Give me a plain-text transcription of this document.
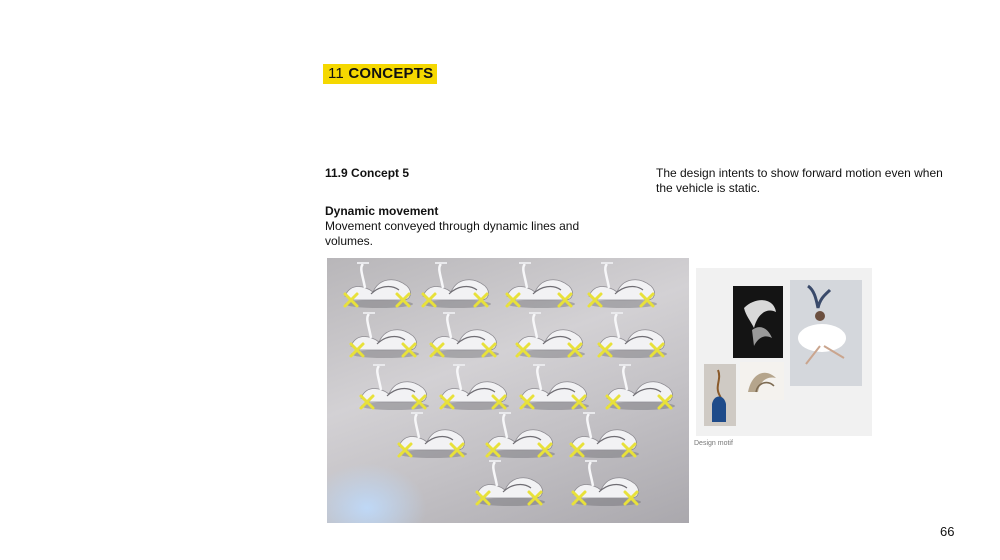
11 CONCEPTS
11.9 Concept 5	The design intents to show forward motion even when the vehicle is static.
Dynamic movement
Movement conveyed through dynamic lines and volumes.
Design motif
66
